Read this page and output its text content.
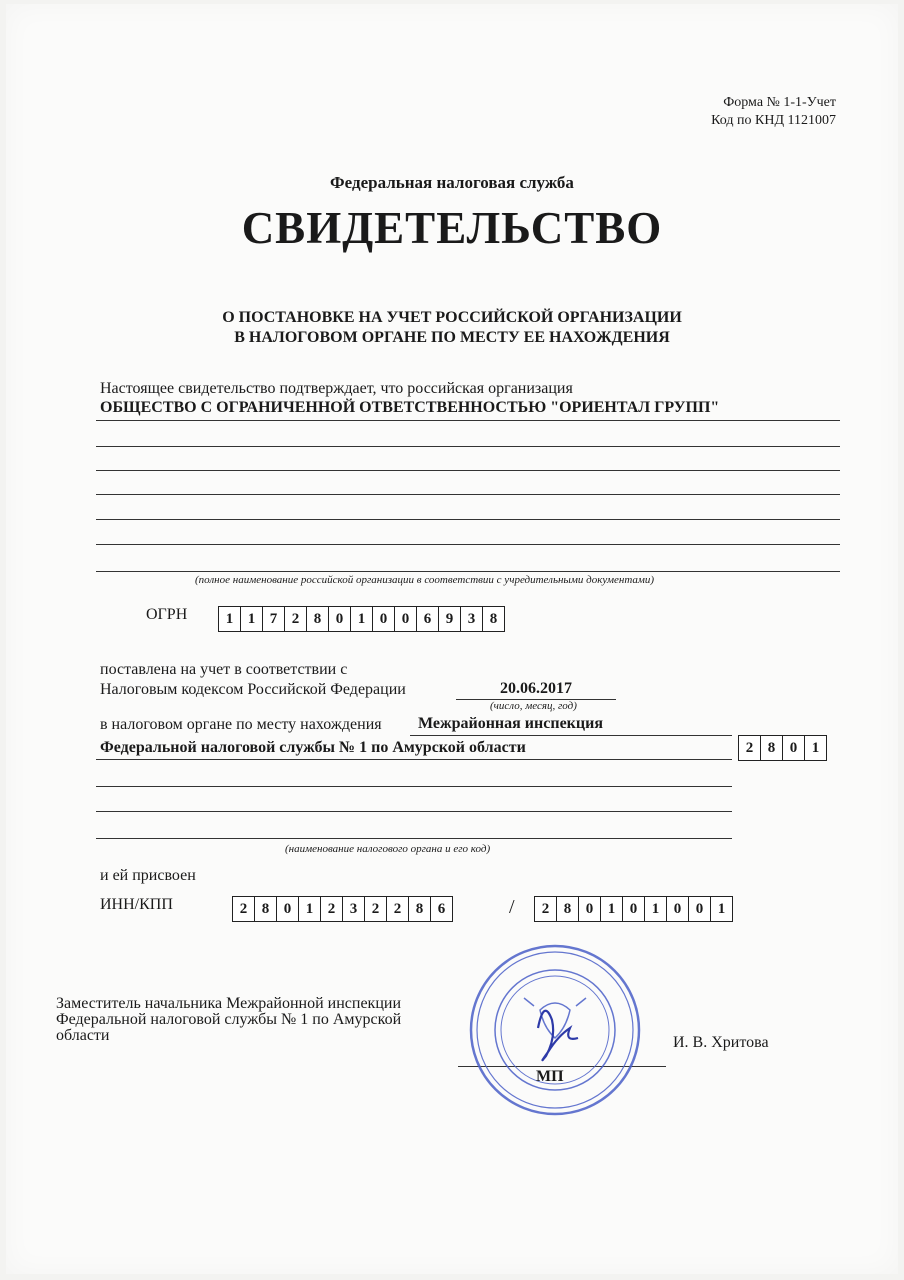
Форма № 1-1-Учет
Код по КНД 1121007
Федеральная налоговая служба
СВИДЕТЕЛЬСТВО
О ПОСТАНОВКЕ НА УЧЕТ РОССИЙСКОЙ ОРГАНИЗАЦИИ
В НАЛОГОВОМ ОРГАНЕ ПО МЕСТУ ЕЕ НАХОЖДЕНИЯ
Настоящее свидетельство подтверждает, что российская организация
ОБЩЕСТВО С ОГРАНИЧЕННОЙ ОТВЕТСТВЕННОСТЬЮ "ОРИЕНТАЛ ГРУПП"
(полное наименование российской организации в соответствии с учредительными документами)
ОГРН	1 1 7 2 8 0 1 0 0 6 9 3 8
поставлена на учет в соответствии с
Налоговым кодексом Российской Федерации	20.06.2017
(число, месяц, год)
в налоговом органе по месту нахождения Межрайонная инспекция
Федеральной налоговой службы № 1 по Амурской области	2 8 0 1
(наименование налогового органа и его код)
и ей присвоен
ИНН/КПП	2 8 0 1 2 3 2 2 8 6	/	2 8 0 1 0 1 0 0 1
Заместитель начальника Межрайонной инспекции
Федеральной налоговой службы № 1 по Амурской
области
МП
И. В. Хритова
